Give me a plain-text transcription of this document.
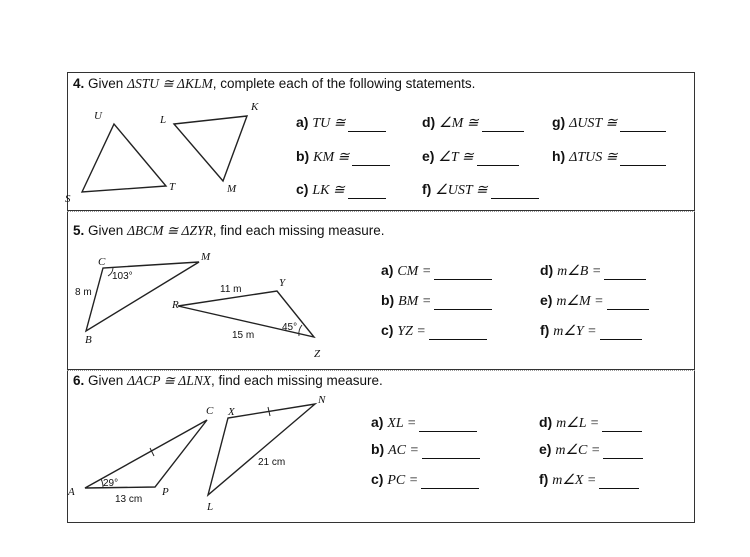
4. Given ΔSTU ≅ ΔKLM, complete each of the following statements.
U	L
K
S
T	M
a) TU ≅
b) KM ≅
c) LK ≅
d) ∠M ≅
e) ∠T ≅
f) ∠UST ≅
g) ΔUST ≅
h) ΔTUS ≅
5. Given ΔBCM ≅ ΔZYR, find each missing measure.
C	M
B
R
Y
Z
103°
8 m	11 m
15 m
45°
a) CM =
b) BM =
c) YZ =
d) m∠B =
e) m∠M =
f) m∠Y =
6. Given ΔACP ≅ ΔLNX, find each missing measure.
A
C X
N
P
L
29°
13 cm
21 cm
a) XL =
b) AC =
c) PC =
d) m∠L =
e) m∠C =
f) m∠X =
